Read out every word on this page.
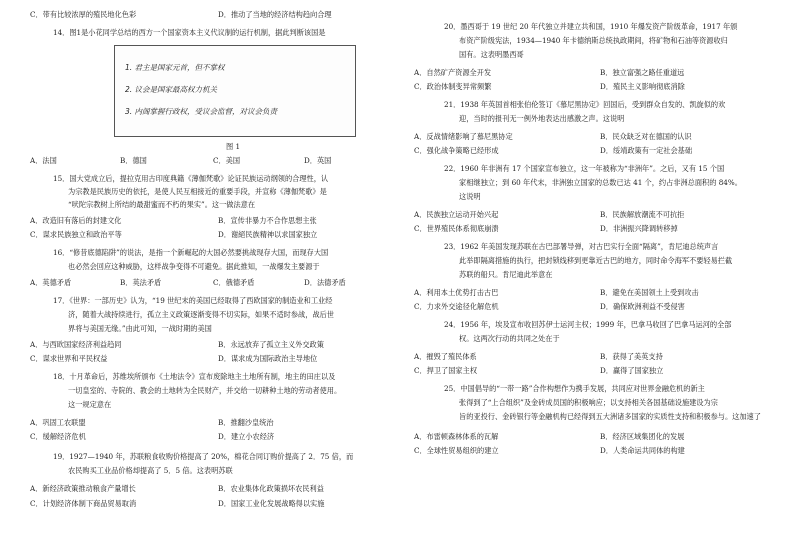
C．带有比较浓厚的殖民地化色彩	D．推动了当地的经济结构趋向合理
14．图1是小花同学总结的西方一个国家资本主义代议制的运行机制，据此判断该国是
1. 君主是国家元首，但不掌权
2. 议会是国家最高权力机关
3. 内阁掌握行政权，受议会监督，对议会负责
图 1
A．法国	B．德国	C．美国	D．英国
15．国大党成立后，提拉克用古印度典籍《薄伽梵歌》论证民族运动纲领的合理性，认
为宗教是民族历史的依托，是使人民互相接近的重要手段，并宣称《薄伽梵歌》是
“吠陀宗教树上所结的最甜蜜而不朽的果实”。这一做法意在
A．改造旧有落后的封建文化	B．宣传非暴力不合作思想主张
C．谋求民族独立和政治平等	D．谢絕民族精神以求国家独立
16．“修昔底德陷阱”的说法，是指一个新崛起的大国必然要挑战现存大国，而现存大国
也必然会回应这种威胁，这样战争变得不可避免。据此推知，一战爆发主要源于
A．英德矛盾	B．英法矛盾	C．俄德矛盾	D．法德矛盾
17．《世界：一部历史》认为，“19 世纪末的美国已经取得了西欧国家的制造业和工业经
济，随着大战持续进行，孤立主义政策逐渐变得不切实际，如果不适时参战，战后世
界将与美国无缘。”由此可知，一战时期的美国
A．与西欧国家经济利益趋同	B．永远放弃了孤立主义外交政策
C．谋求世界和平民权益	D．谋求成为国际政治主导地位
18．十月革命后，苏维埃所颁布《土地法令》宣布废除地主土地所有制，地主的田庄以及
一切皇室的、寺院的、教会的土地转为全民财产，并交给一切耕种土地的劳动者使用。
这一规定意在
A．巩固工农联盟	B．推翻沙皇统治
C．缓解经济危机	D．建立小农经济
19．1927—1940 年，苏联粮食收购价格提高了 20%，棉花合同订购价提高了 2．75 倍，而
农民购买工业品价格却提高了 5．5 倍。这表明苏联
A．新经济政策推动粮食产量增长	B．农业集体化政策损坏农民利益
C．计划经济体制下商品贸易取消	D．国家工业化发展战略得以实施
20．墨西哥于 19 世纪 20 年代独立并建立共和国，1910 年爆发资产阶级革命，1917 年颁
布资产阶级宪法，1934—1940 年卡德纳斯总统执政期间，将矿物和石油等资源收归
国有。这表明墨西哥
A．自然矿产资源全开发	B．独立富强之路任重道远
C．政治体制变异常频繁	D．殖民主义影响彻底消除
21．1938 年英国首相张伯伦签订《慕尼黑协定》回国后，受到群众自发的、凯旋似的欢
迎，当时的报刊无一例外地表达出感激之声。这说明
A．反战情绪影响了慕尼黑协定	B．民众缺乏对在德国的认识
C．强化战争策略已经形成	D．绥靖政策有一定社会基础
22．1960 年非洲有 17 个国家宣布独立，这一年被称为“非洲年”。之后，又有 15 个国
家相继独立；到 60 年代末，非洲独立国家的总数已达 41 个，约占非洲总面积的 84%。
这说明
A．民族独立运动开始兴起	B．民族解放潮流不可抗拒
C．世界殖民体系彻底崩溃	D．非洲振兴降调转移掉
23．1962 年美国发现苏联在古巴部署导弹，对古巴实行全面“隔离”，肯尼迪总统声言
此举即隔离措施的执行，把封锁线移到更靠近古巴的地方，同时命令海军不要轻易拦截
苏联的船只。肯尼迪此举意在
A．利用本土优势打击古巴	B．避免在美国领土上受到攻击
C．力求外交途径化解危机	D．确保欧洲利益不受侵害
24．1956 年，埃及宣布收回苏伊士运河主权；1999 年，巴拿马收回了巴拿马运河的全部
权。这两次行动的共同之处在于
A．摧毁了殖民体系	B．获得了美英支持
C．捍卫了国家主权	D．赢得了国家独立
25．中国倡导的“一带一路”合作构想作为携手发展，共同应对世界金融危机的新主
张得到了“上合组织”及金砖成员国的积极响应；以支持相关各国基础设施建设为宗
旨的亚投行、金砖银行等金融机构已经得到五大洲诸多国家的实质性支持和积极参与。这加速了
A．布雷顿森林体系的瓦解	B．经济区域集团化的发展
C．全球性贸易组织的建立	D．人类命运共同体的构建
